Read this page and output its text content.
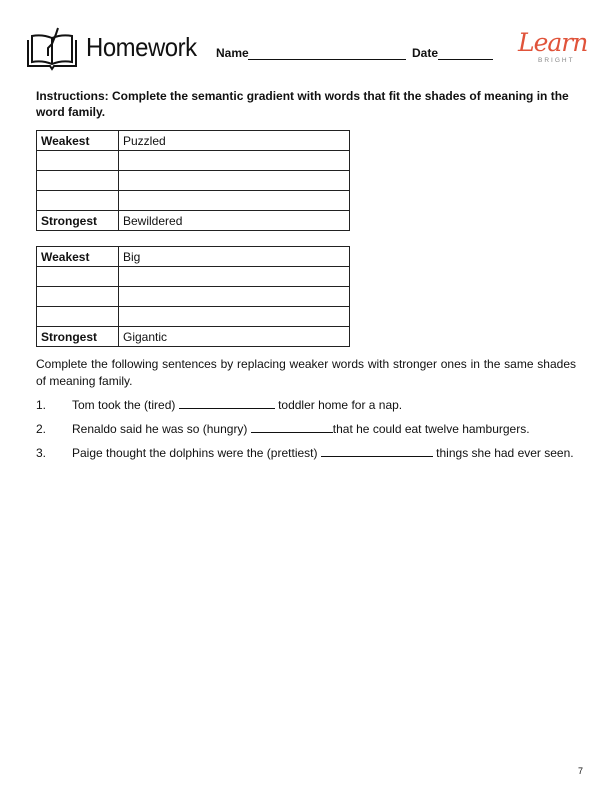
Homework Name	Date	Learn
BRIGHT
Instructions: Complete the semantic gradient with words that fit the shades of meaning in the word family.
Weakest	Puzzled

Strongest	Bewildered
Weakest	Big

Strongest	Gigantic
Complete the following sentences by replacing weaker words with stronger ones in the same shades of meaning family.
1. Tom took the (tired)	toddler home for a nap.
2. Renaldo said he was so (hungry)	that he could eat twelve hamburgers.
3. Paige thought the dolphins were the (prettiest)	things she had ever seen.
7
